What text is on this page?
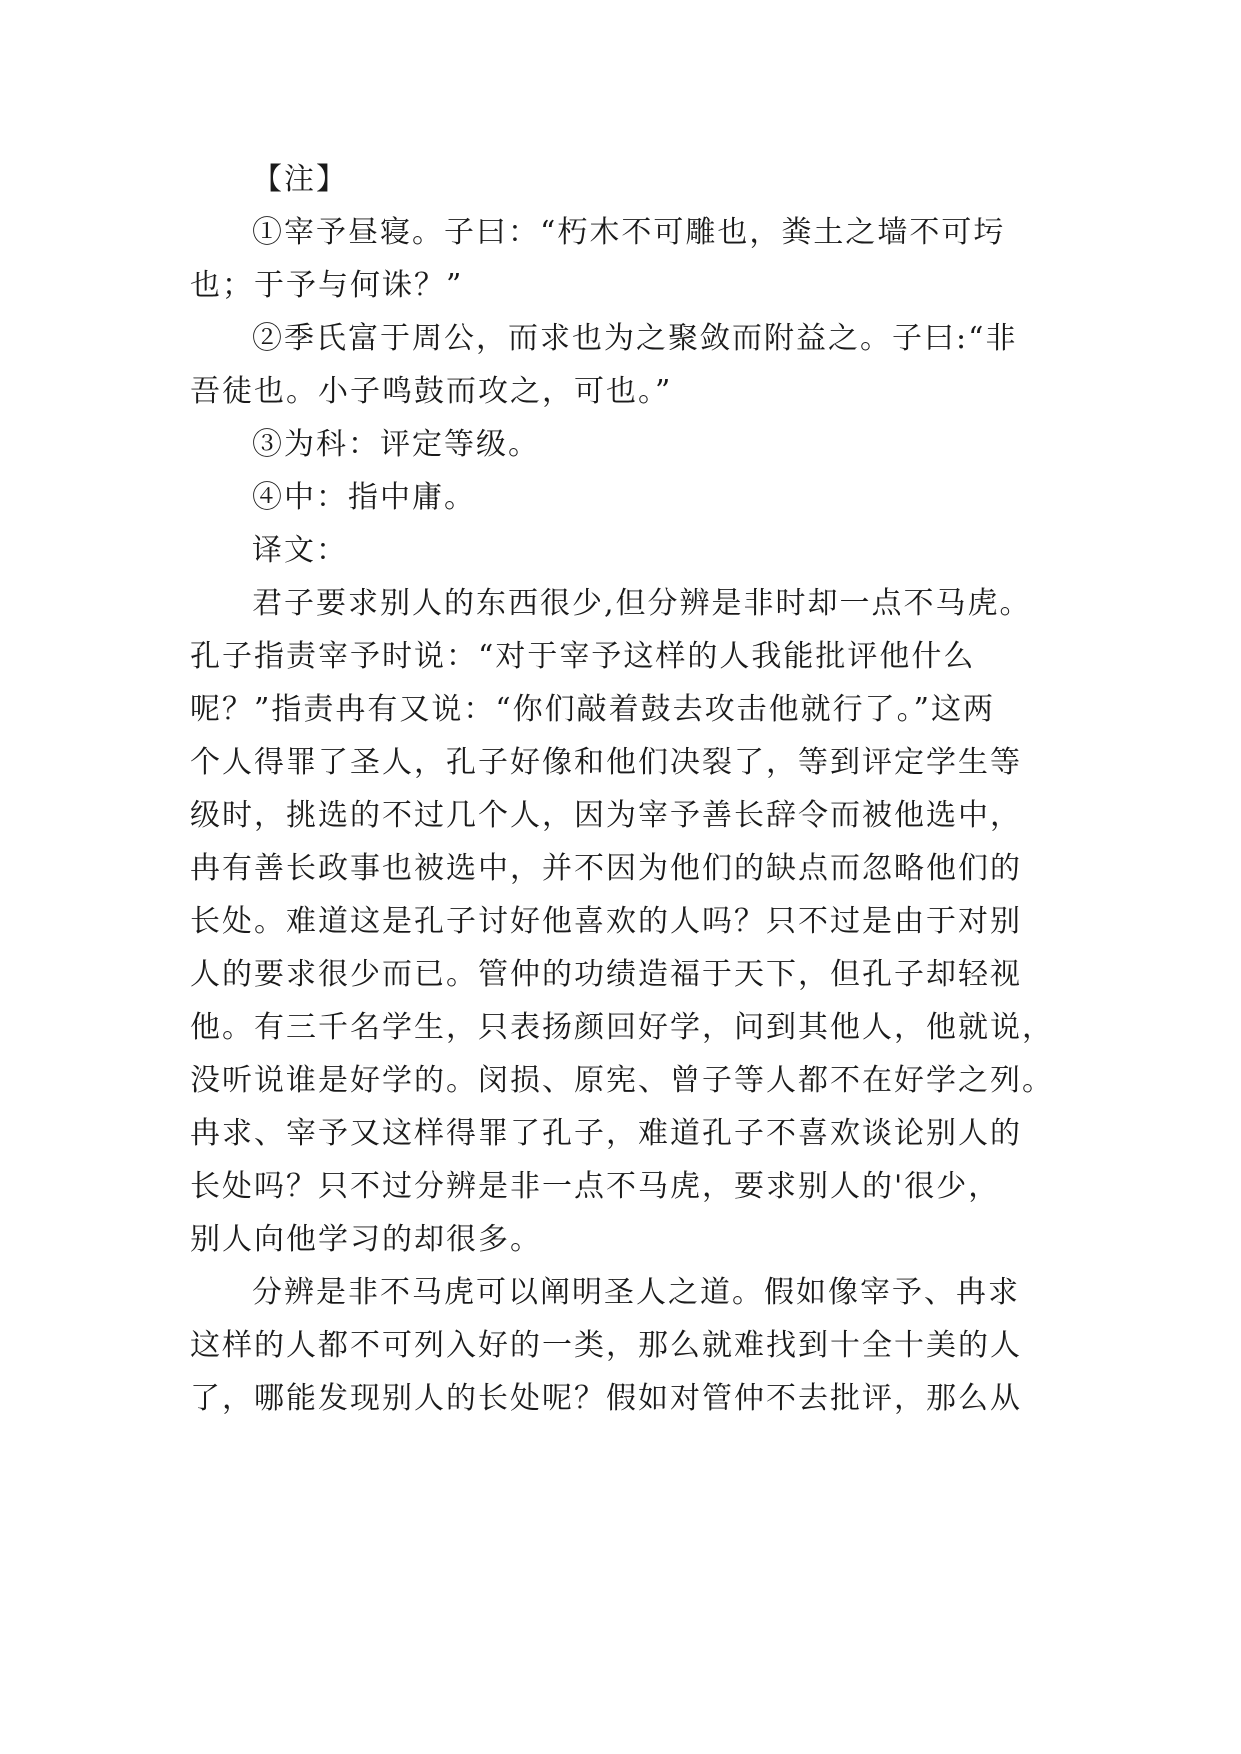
【注】
①宰予昼寝。子曰：“朽木不可雕也，粪土之墙不可圬
也；于予与何诛？”
②季氏富于周公，而求也为之聚敛而附益之。子曰:“非
吾徒也。小子鸣鼓而攻之，可也。”
③为科：评定等级。
④中：指中庸。
译文：
君子要求别人的东西很少,但分辨是非时却一点不马虎。
孔子指责宰予时说：“对于宰予这样的人我能批评他什么
呢？”指责冉有又说：“你们敲着鼓去攻击他就行了。”这两
个人得罪了圣人，孔子好像和他们决裂了，等到评定学生等
级时，挑选的不过几个人，因为宰予善长辞令而被他选中，
冉有善长政事也被选中，并不因为他们的缺点而忽略他们的
长处。难道这是孔子讨好他喜欢的人吗？只不过是由于对别
人的要求很少而已。管仲的功绩造福于天下，但孔子却轻视
他。有三千名学生，只表扬颜回好学，问到其他人，他就说，
没听说谁是好学的。闵损、原宪、曾子等人都不在好学之列。
冉求、宰予又这样得罪了孔子，难道孔子不喜欢谈论别人的
长处吗？只不过分辨是非一点不马虎，要求别人的'很少，
别人向他学习的却很多。
分辨是非不马虎可以阐明圣人之道。假如像宰予、冉求
这样的人都不可列入好的一类，那么就难找到十全十美的人
了，哪能发现别人的长处呢？假如对管仲不去批评，那么从
